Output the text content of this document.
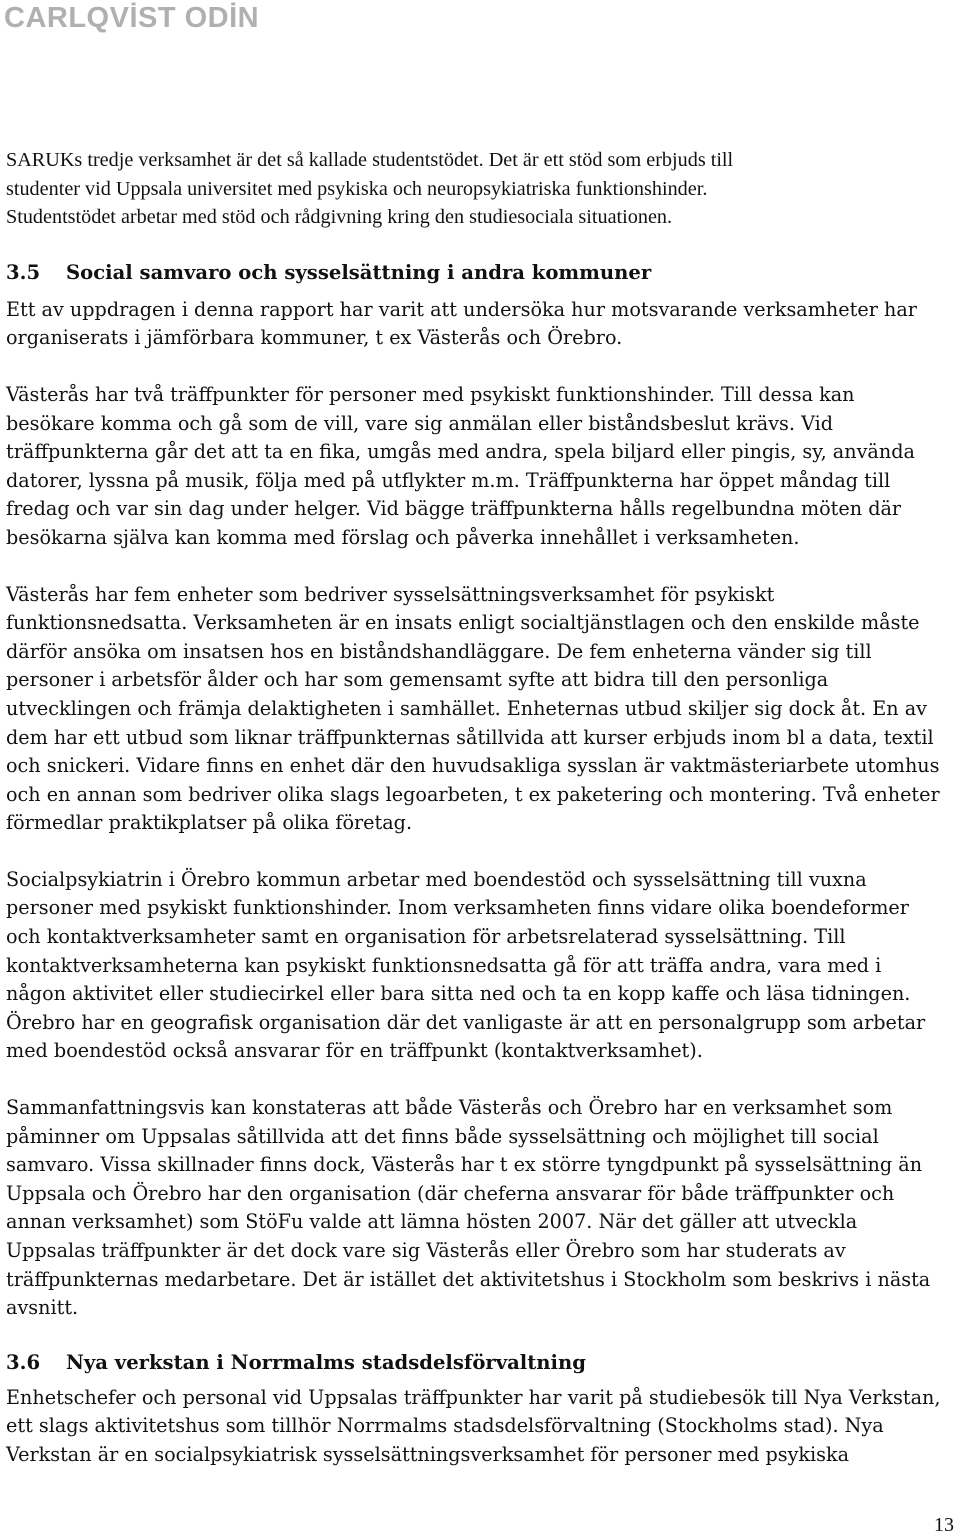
CARLQVİST ODİN
SARUKs tredje verksamhet är det så kallade studentstödet. Det är ett stöd som erbjuds till
studenter vid Uppsala universitet med psykiska och neuropsykiatriska funktionshinder.
Studentstödet arbetar med stöd och rådgivning kring den studiesociala situationen.
3.5 Social samvaro och sysselsättning i andra kommuner
Ett av uppdragen i denna rapport har varit att undersöka hur motsvarande verksamheter har
organiserats i jämförbara kommuner, t ex Västerås och Örebro.
Västerås har två träffpunkter för personer med psykiskt funktionshinder. Till dessa kan
besökare komma och gå som de vill, vare sig anmälan eller biståndsbeslut krävs. Vid
träffpunkterna går det att ta en fika, umgås med andra, spela biljard eller pingis, sy, använda
datorer, lyssna på musik, följa med på utflykter m.m. Träffpunkterna har öppet måndag till
fredag och var sin dag under helger. Vid bägge träffpunkterna hålls regelbundna möten där
besökarna själva kan komma med förslag och påverka innehållet i verksamheten.
Västerås har fem enheter som bedriver sysselsättningsverksamhet för psykiskt
funktionsnedsatta. Verksamheten är en insats enligt socialtjänstlagen och den enskilde måste
därför ansöka om insatsen hos en biståndshandläggare. De fem enheterna vänder sig till
personer i arbetsför ålder och har som gemensamt syfte att bidra till den personliga
utvecklingen och främja delaktigheten i samhället. Enheternas utbud skiljer sig dock åt. En av
dem har ett utbud som liknar träffpunkternas såtillvida att kurser erbjuds inom bl a data, textil
och snickeri. Vidare finns en enhet där den huvudsakliga sysslan är vaktmästeriarbete utomhus
och en annan som bedriver olika slags legoarbeten, t ex paketering och montering. Två enheter
förmedlar praktikplatser på olika företag.
Socialpsykiatrin i Örebro kommun arbetar med boendestöd och sysselsättning till vuxna
personer med psykiskt funktionshinder. Inom verksamheten finns vidare olika boendeformer
och kontaktverksamheter samt en organisation för arbetsrelaterad sysselsättning. Till
kontaktverksamheterna kan psykiskt funktionsnedsatta gå för att träffa andra, vara med i
någon aktivitet eller studiecirkel eller bara sitta ned och ta en kopp kaffe och läsa tidningen.
Örebro har en geografisk organisation där det vanligaste är att en personalgrupp som arbetar
med boendestöd också ansvarar för en träffpunkt (kontaktverksamhet).
Sammanfattningsvis kan konstateras att både Västerås och Örebro har en verksamhet som
påminner om Uppsalas såtillvida att det finns både sysselsättning och möjlighet till social
samvaro. Vissa skillnader finns dock, Västerås har t ex större tyngdpunkt på sysselsättning än
Uppsala och Örebro har den organisation (där cheferna ansvarar för både träffpunkter och
annan verksamhet) som StöFu valde att lämna hösten 2007. När det gäller att utveckla
Uppsalas träffpunkter är det dock vare sig Västerås eller Örebro som har studerats av
träffpunkternas medarbetare. Det är istället det aktivitetshus i Stockholm som beskrivs i nästa
avsnitt.
3.6 Nya verkstan i Norrmalms stadsdelsförvaltning
Enhetschefer och personal vid Uppsalas träffpunkter har varit på studiebesök till Nya Verkstan,
ett slags aktivitetshus som tillhör Norrmalms stadsdelsförvaltning (Stockholms stad). Nya
Verkstan är en socialpsykiatrisk sysselsättningsverksamhet för personer med psykiska
13
